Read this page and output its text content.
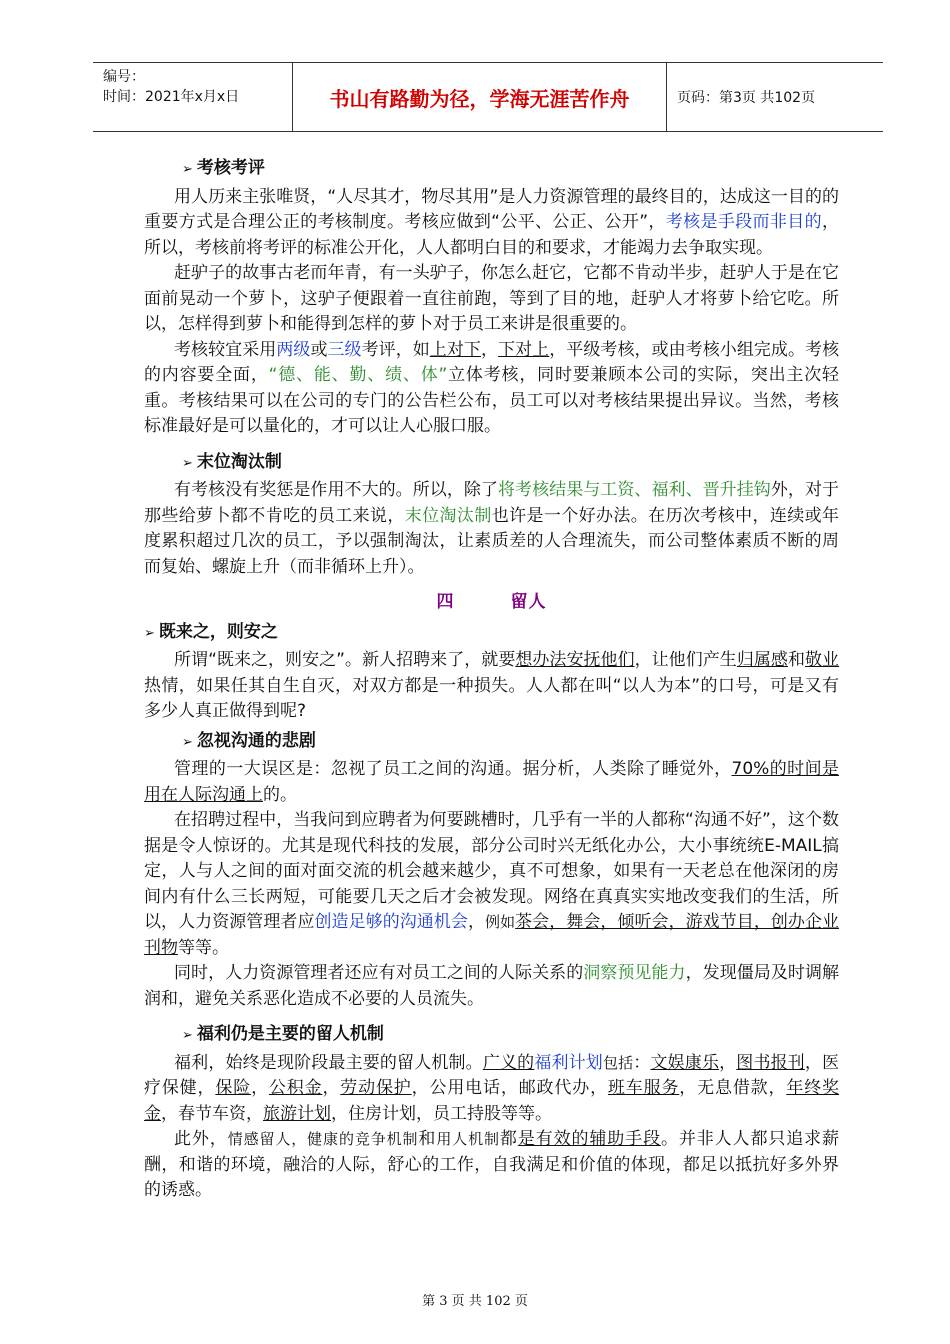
编号：
时间：2021年x月x日	书山有路勤为径，学海无涯苦作舟	页码：第3页 共102页
➢ 考核考评

用人历来主张唯贤，“人尽其才，物尽其用”是人力资源管理的最终目的，达成这一目的的重要方式是合理公正的考核制度。考核应做到“公平、公正、公开”，考核是手段而非目的，所以，考核前将考评的标准公开化，人人都明白目的和要求，才能竭力去争取实现。

赶驴子的故事古老而年青，有一头驴子，你怎么赶它，它都不肯动半步，赶驴人于是在它面前晃动一个萝卜，这驴子便跟着一直往前跑，等到了目的地，赶驴人才将萝卜给它吃。所以，怎样得到萝卜和能得到怎样的萝卜对于员工来讲是很重要的。

考核较宜采用两级或三级考评，如上对下，下对上，平级考核，或由考核小组完成。考核的内容要全面，“德、能、勤、绩、体”立体考核，同时要兼顾本公司的实际，突出主次轻重。考核结果可以在公司的专门的公告栏公布，员工可以对考核结果提出异议。当然，考核标准最好是可以量化的，才可以让人心服口服。

➢ 末位淘汰制

有考核没有奖惩是作用不大的。所以，除了将考核结果与工资、福利、晋升挂钩外，对于那些给萝卜都不肯吃的员工来说，末位淘汰制也许是一个好办法。在历次考核中，连续或年度累积超过几次的员工，予以强制淘汰，让素质差的人合理流失，而公司整体素质不断的周而复始、螺旋上升（而非循环上升）。

四	留人
➢ 既来之，则安之

所谓“既来之，则安之”。新人招聘来了，就要想办法安抚他们，让他们产生归属感和敬业热情，如果任其自生自灭，对双方都是一种损失。人人都在叫“以人为本”的口号，可是又有多少人真正做得到呢?

➢ 忽视沟通的悲剧

管理的一大误区是：忽视了员工之间的沟通。据分析，人类除了睡觉外，70%的时间是用在人际沟通上的。

在招聘过程中，当我问到应聘者为何要跳槽时，几乎有一半的人都称“沟通不好”，这个数据是令人惊讶的。尤其是现代科技的发展，部分公司时兴无纸化办公，大小事统统E-MAIL搞定，人与人之间的面对面交流的机会越来越少，真不可想象，如果有一天老总在他深闭的房间内有什么三长两短，可能要几天之后才会被发现。网络在真真实实地改变我们的生活，所以，人力资源管理者应创造足够的沟通机会，例如茶会，舞会，倾听会，游戏节目，创办企业刊物等等。

同时，人力资源管理者还应有对员工之间的人际关系的洞察预见能力，发现僵局及时调解润和，避免关系恶化造成不必要的人员流失。

➢ 福利仍是主要的留人机制

福利，始终是现阶段最主要的留人机制。广义的福利计划包括：文娱康乐，图书报刊，医疗保健，保险，公积金，劳动保护，公用电话，邮政代办，班车服务，无息借款，年终奖金，春节车资，旅游计划，住房计划，员工持股等等。

此外，情感留人，健康的竞争机制和用人机制都是有效的辅助手段。并非人人都只追求薪酬，和谐的环境，融洽的人际，舒心的工作，自我满足和价值的体现，都足以抵抗好多外界的诱惑。

第 3 页 共 102 页
